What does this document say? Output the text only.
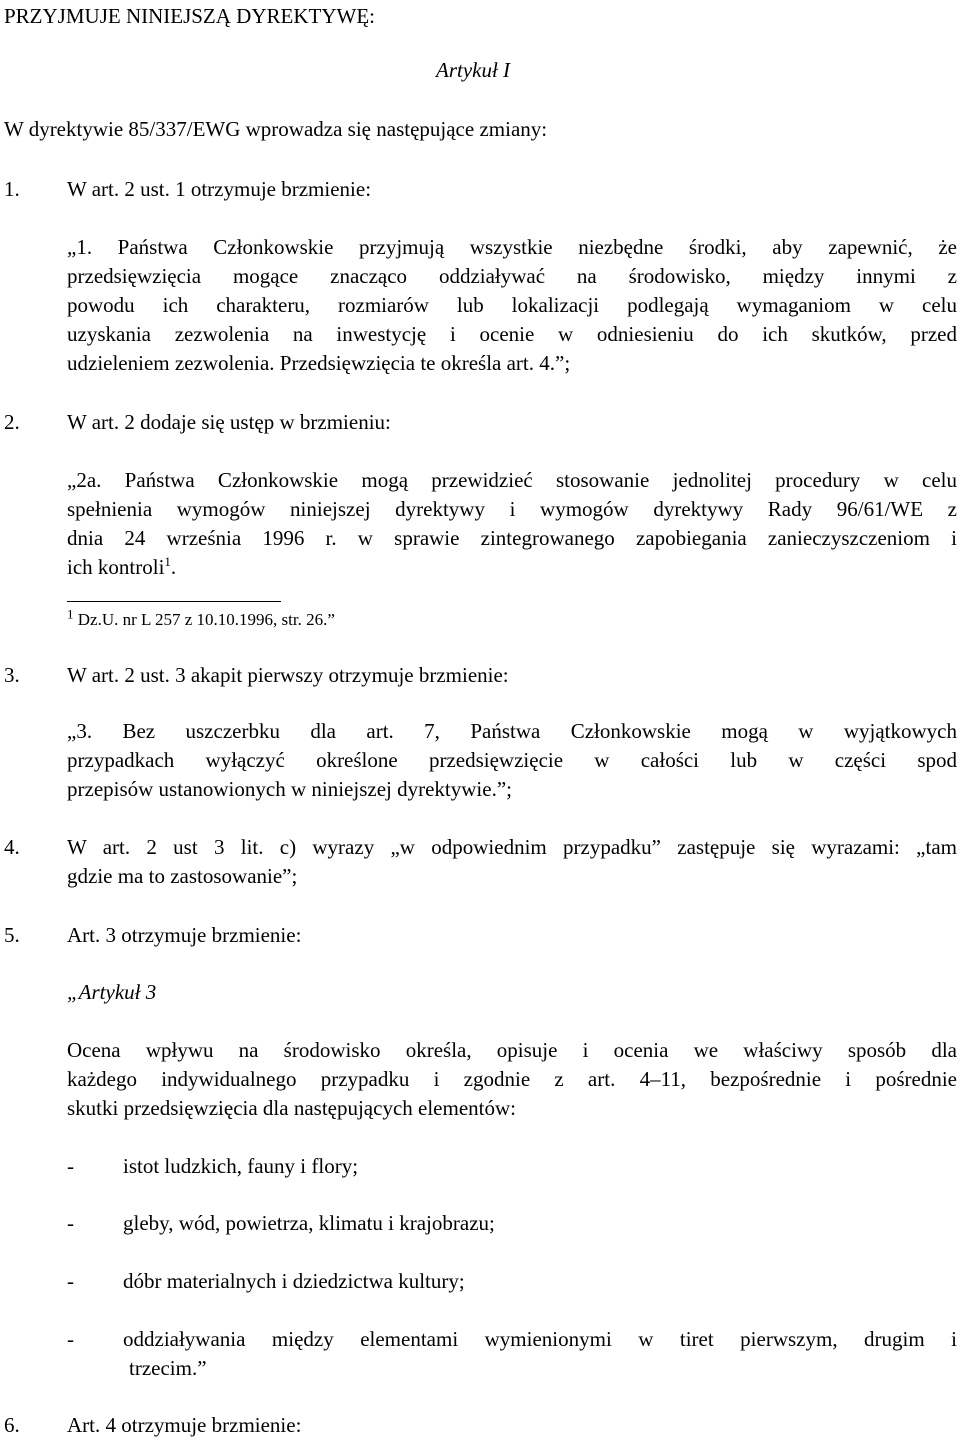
PRZYJMUJE NINIEJSZĄ DYREKTYWĘ:
Artykuł I
W dyrektywie 85/337/EWG wprowadza się następujące zmiany:
1. W art. 2 ust. 1 otrzymuje brzmienie:
„1. Państwa Członkowskie przyjmują wszystkie niezbędne środki, aby zapewnić, że
przedsięwzięcia mogące znacząco oddziaływać na środowisko, między innymi z
powodu ich charakteru, rozmiarów lub lokalizacji podlegają wymaganiom w celu
uzyskania zezwolenia na inwestycję i ocenie w odniesieniu do ich skutków, przed
udzieleniem zezwolenia. Przedsięwzięcia te określa art. 4.”;
2. W art. 2 dodaje się ustęp w brzmieniu:
„2a. Państwa Członkowskie mogą przewidzieć stosowanie jednolitej procedury w celu
spełnienia wymogów niniejszej dyrektywy i wymogów dyrektywy Rady 96/61/WE z
dnia 24 września 1996 r. w sprawie zintegrowanego zapobiegania zanieczyszczeniom i
ich kontroli$^1$.
$^1$ Dz.U. nr L 257 z 10.10.1996, str. 26.”
3. W art. 2 ust. 3 akapit pierwszy otrzymuje brzmienie:
„3. Bez uszczerbku dla art. 7, Państwa Członkowskie mogą w wyjątkowych
przypadkach wyłączyć określone przedsięwzięcie w całości lub w części spod
przepisów ustanowionych w niniejszej dyrektywie.”;
4. W art. 2 ust 3 lit. c) wyrazy „w odpowiednim przypadku” zastępuje się wyrazami: „tam
gdzie ma to zastosowanie”;
5. Art. 3 otrzymuje brzmienie:
„Artykuł 3
Ocena wpływu na środowisko określa, opisuje i ocenia we właściwy sposób dla
każdego indywidualnego przypadku i zgodnie z art. 4–11, bezpośrednie i pośrednie
skutki przedsięwzięcia dla następujących elementów:
- istot ludzkich, fauny i flory;
- gleby, wód, powietrza, klimatu i krajobrazu;
- dóbr materialnych i dziedzictwa kultury;
- oddziaływania między elementami wymienionymi w tiret pierwszym, drugim i
trzecim.”
6. Art. 4 otrzymuje brzmienie:
